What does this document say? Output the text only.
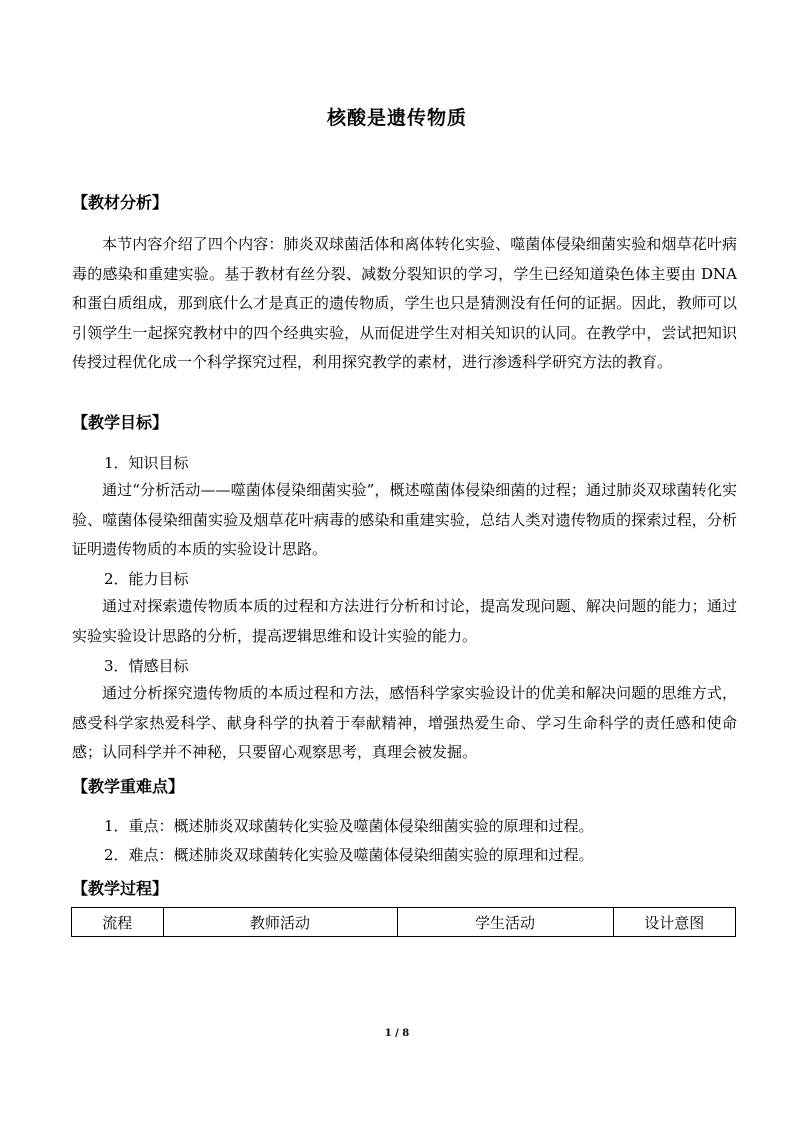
核酸是遗传物质
【教材分析】
本节内容介绍了四个内容：肺炎双球菌活体和离体转化实验、噬菌体侵染细菌实验和烟草花叶病毒的感染和重建实验。基于教材有丝分裂、减数分裂知识的学习，学生已经知道染色体主要由 DNA 和蛋白质组成，那到底什么才是真正的遗传物质，学生也只是猜测没有任何的证据。因此，教师可以引领学生一起探究教材中的四个经典实验，从而促进学生对相关知识的认同。在教学中，尝试把知识传授过程优化成一个科学探究过程，利用探究教学的素材，进行渗透科学研究方法的教育。
【教学目标】
1．知识目标
通过“分析活动——噬菌体侵染细菌实验”，概述噬菌体侵染细菌的过程；通过肺炎双球菌转化实验、噬菌体侵染细菌实验及烟草花叶病毒的感染和重建实验，总结人类对遗传物质的探索过程，分析证明遗传物质的本质的实验设计思路。
2．能力目标
通过对探索遗传物质本质的过程和方法进行分析和讨论，提高发现问题、解决问题的能力；通过实验实验设计思路的分析，提高逻辑思维和设计实验的能力。
3．情感目标
通过分析探究遗传物质的本质过程和方法，感悟科学家实验设计的优美和解决问题的思维方式，感受科学家热爱科学、献身科学的执着于奉献精神，增强热爱生命、学习生命科学的责任感和使命感；认同科学并不神秘，只要留心观察思考，真理会被发掘。
【教学重难点】
1．重点：概述肺炎双球菌转化实验及噬菌体侵染细菌实验的原理和过程。
2．难点：概述肺炎双球菌转化实验及噬菌体侵染细菌实验的原理和过程。
【教学过程】
流程	教师活动	学生活动	设计意图
1 / 8
